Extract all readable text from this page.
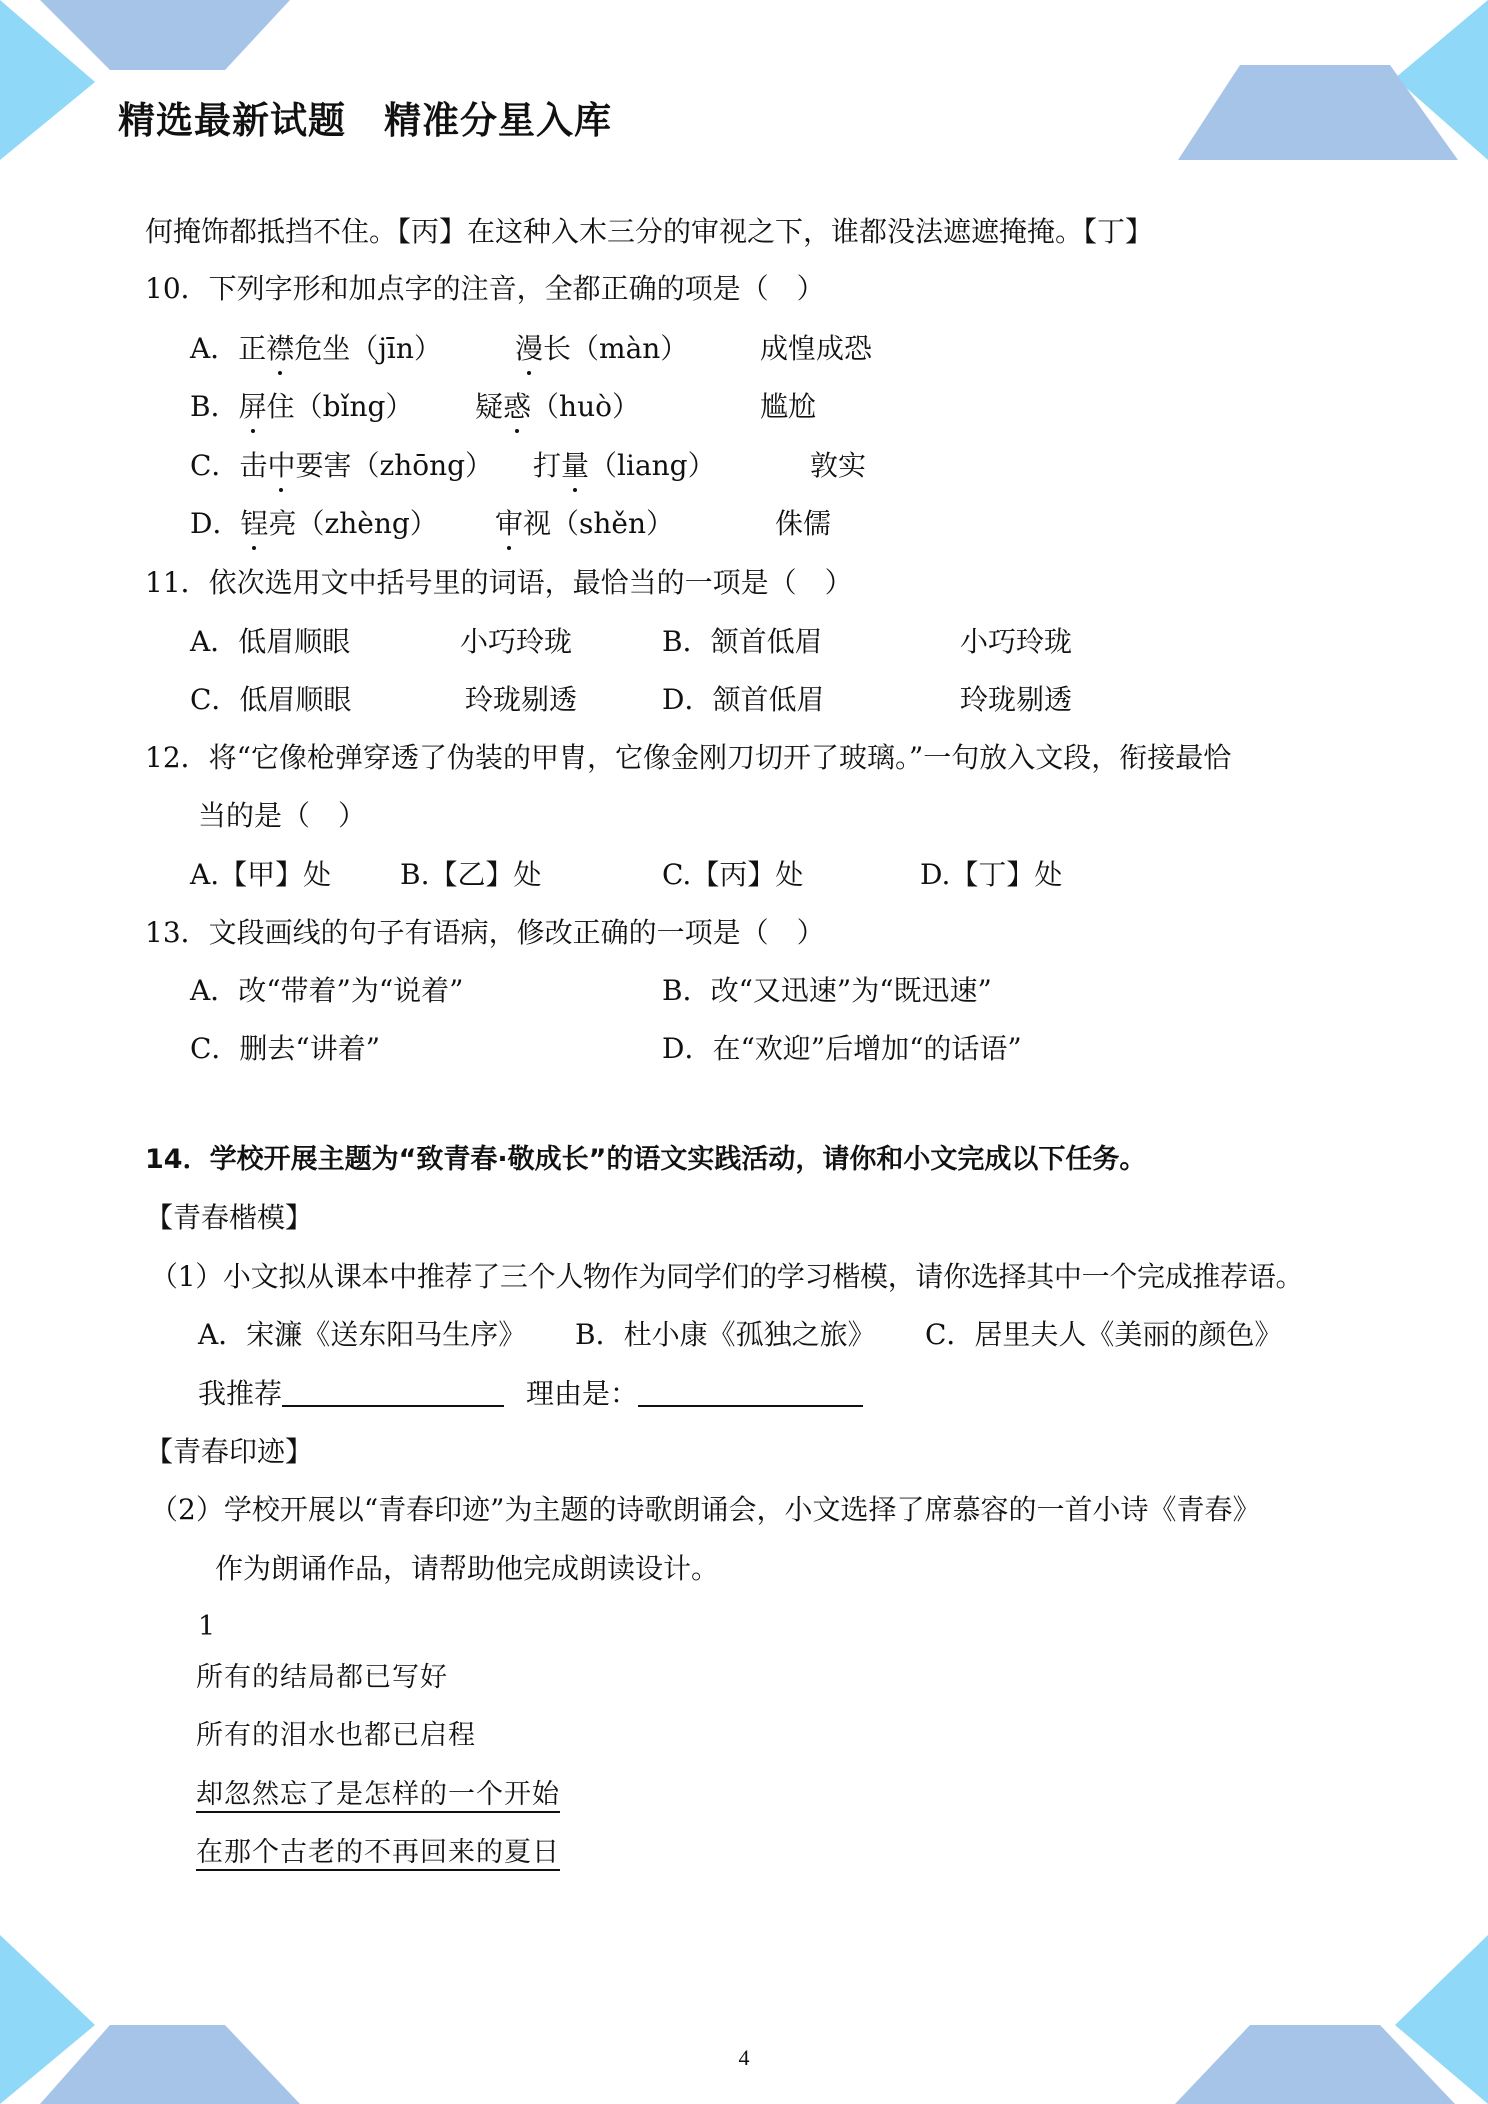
精选最新试题　精准分星入库
何掩饰都抵挡不住。【丙】在这种入木三分的审视之下，谁都没法遮遮掩掩。【丁】
10．下列字形和加点字的注音，全都正确的项是（　）
A．正襟危坐（jīn）	漫长（màn）	成惶成恐
B．屏住（bǐng） 疑惑（huò）	尴尬
C．击中要害（zhōng） 打量（liang）	敦实
D．锃亮（zhèng） 审视（shěn）	侏儒
11．依次选用文中括号里的词语，最恰当的一项是（　）
A．低眉顺眼	小巧玲珑	B．颔首低眉	小巧玲珑
C．低眉顺眼	玲珑剔透	D．颔首低眉	玲珑剔透
12．将“它像枪弹穿透了伪装的甲胄，它像金刚刀切开了玻璃。”一句放入文段，衔接最恰
当的是（　）
A.【甲】处 B.【乙】处	C.【丙】处	D.【丁】处
13．文段画线的句子有语病，修改正确的一项是（　）
A．改“带着”为“说着”	B．改“又迅速”为“既迅速”
C．删去“讲着”	D．在“欢迎”后增加“的话语”
14．学校开展主题为“致青春·敬成长”的语文实践活动，请你和小文完成以下任务。
【青春楷模】
（1）小文拟从课本中推荐了三个人物作为同学们的学习楷模，请你选择其中一个完成推荐语。
A．宋濂《送东阳马生序》 B．杜小康《孤独之旅》 C．居里夫人《美丽的颜色》
我推荐	理由是：
【青春印迹】
（2）学校开展以“青春印迹”为主题的诗歌朗诵会，小文选择了席慕容的一首小诗《青春》
作为朗诵作品，请帮助他完成朗读设计。
1
所有的结局都已写好
所有的泪水也都已启程
却忽然忘了是怎样的一个开始
在那个古老的不再回来的夏日
4
